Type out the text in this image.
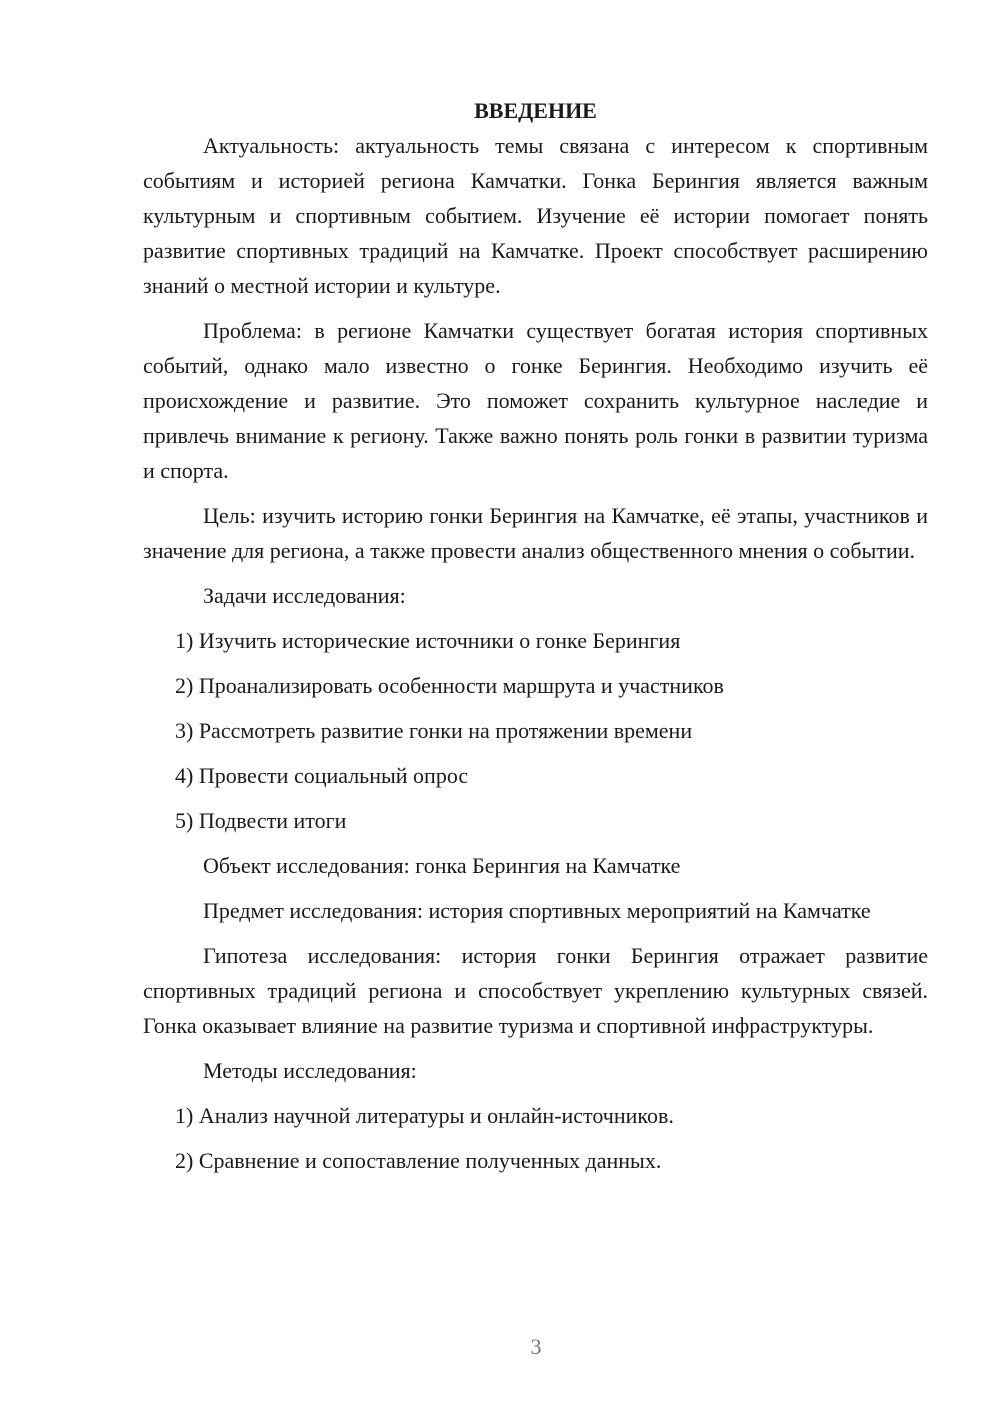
ВВЕДЕНИЕ

Актуальность: актуальность темы связана с интересом к спортивным событиям и историей региона Камчатки. Гонка Берингия является важным культурным и спортивным событием. Изучение её истории помогает понять развитие спортивных традиций на Камчатке. Проект способствует расширению знаний о местной истории и культуре.

Проблема: в регионе Камчатки существует богатая история спортивных событий, однако мало известно о гонке Берингия. Необходимо изучить её происхождение и развитие. Это поможет сохранить культурное наследие и привлечь внимание к региону. Также важно понять роль гонки в развитии туризма и спорта.

Цель: изучить историю гонки Берингия на Камчатке, её этапы, участников и значение для региона, а также провести анализ общественного мнения о событии.

Задачи исследования:

1) Изучить исторические источники о гонке Берингия
2) Проанализировать особенности маршрута и участников
3) Рассмотреть развитие гонки на протяжении времени
4) Провести социальный опрос
5) Подвести итоги

Объект исследования: гонка Берингия на Камчатке

Предмет исследования: история спортивных мероприятий на Камчатке

Гипотеза исследования: история гонки Берингия отражает развитие спортивных традиций региона и способствует укреплению культурных связей. Гонка оказывает влияние на развитие туризма и спортивной инфраструктуры.

Методы исследования:

1) Анализ научной литературы и онлайн-источников.
2) Сравнение и сопоставление полученных данных.
3
